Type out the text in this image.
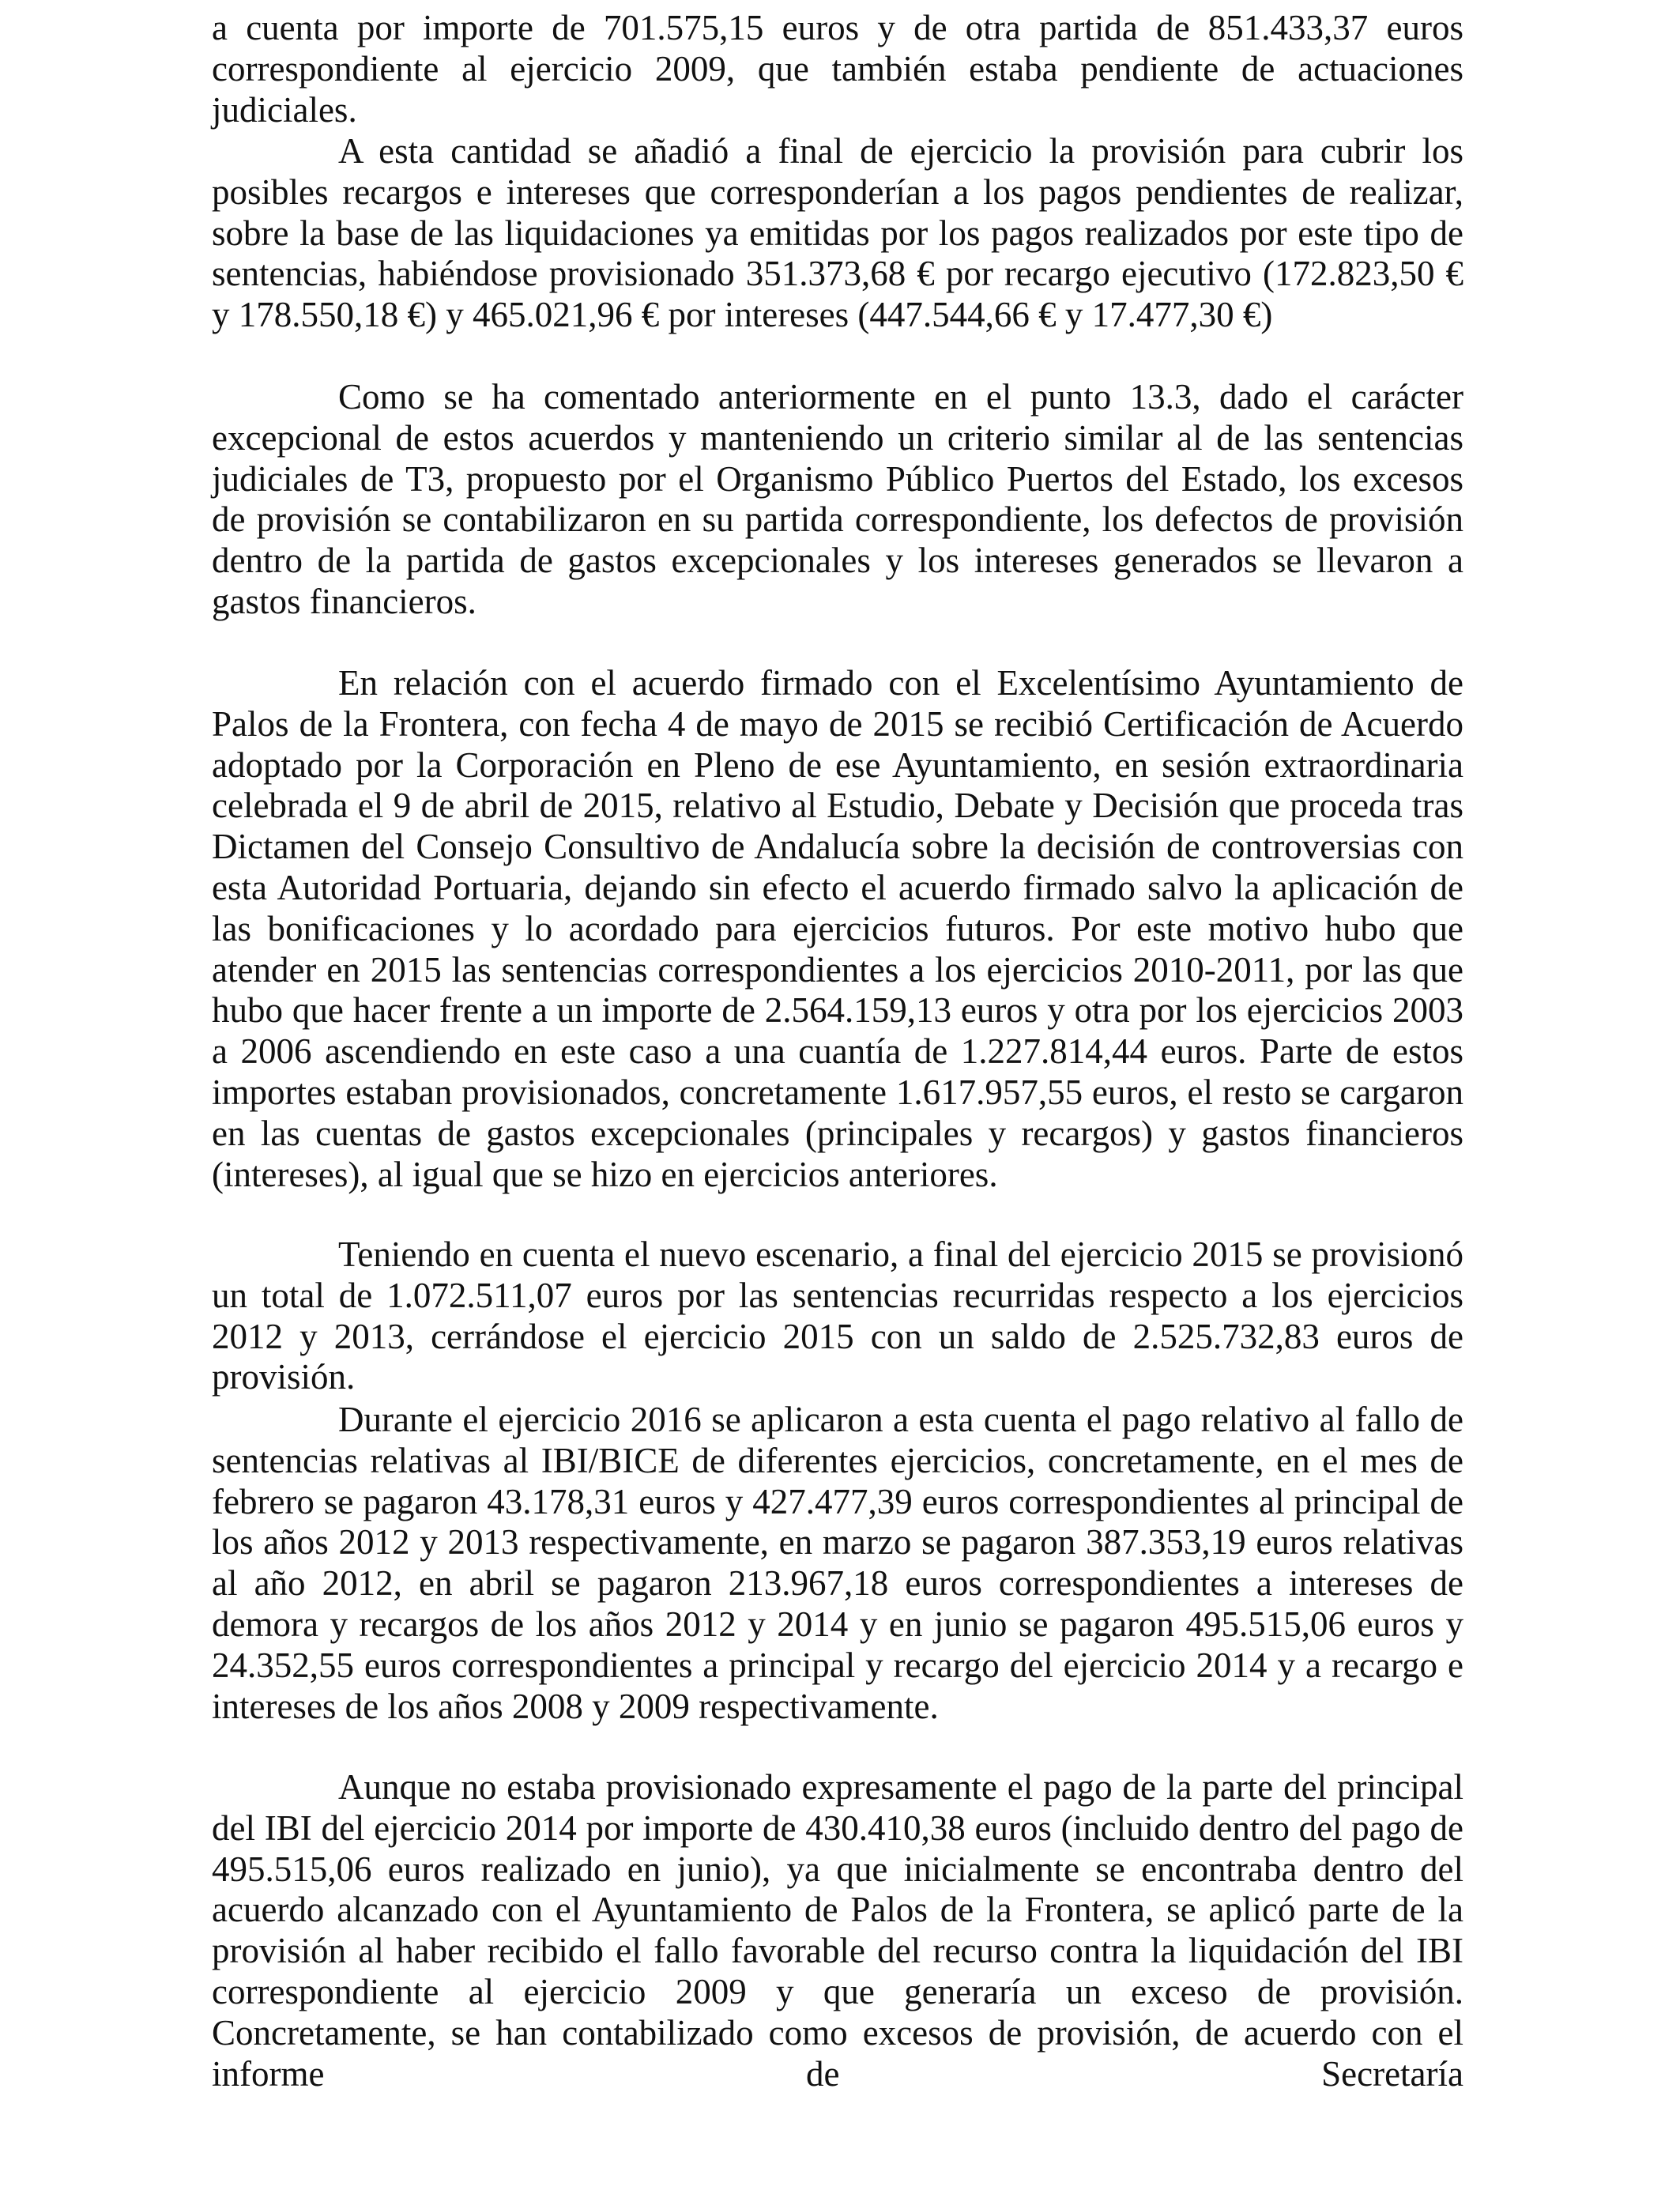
a cuenta por importe de 701.575,15 euros y de otra partida de 851.433,37 euros correspondiente al ejercicio 2009, que también estaba pendiente de actuaciones judiciales.

A esta cantidad se añadió a final de ejercicio la provisión para cubrir los posibles recargos e intereses que corresponderían a los pagos pendientes de realizar, sobre la base de las liquidaciones ya emitidas por los pagos realizados por este tipo de sentencias, habiéndose provisionado 351.373,68 € por recargo ejecutivo (172.823,50 € y 178.550,18 €) y 465.021,96 € por intereses (447.544,66 € y 17.477,30 €)

Como se ha comentado anteriormente en el punto 13.3, dado el carácter excepcional de estos acuerdos y manteniendo un criterio similar al de las sentencias judiciales de T3, propuesto por el Organismo Público Puertos del Estado, los excesos de provisión se contabilizaron en su partida correspondiente, los defectos de provisión dentro de la partida de gastos excepcionales y los intereses generados se llevaron a gastos financieros.

En relación con el acuerdo firmado con el Excelentísimo Ayuntamiento de Palos de la Frontera, con fecha 4 de mayo de 2015 se recibió Certificación de Acuerdo adoptado por la Corporación en Pleno de ese Ayuntamiento, en sesión extraordinaria celebrada el 9 de abril de 2015, relativo al Estudio, Debate y Decisión que proceda tras Dictamen del Consejo Consultivo de Andalucía sobre la decisión de controversias con esta Autoridad Portuaria, dejando sin efecto el acuerdo firmado salvo la aplicación de las bonificaciones y lo acordado para ejercicios futuros. Por este motivo hubo que atender en 2015 las sentencias correspondientes a los ejercicios 2010-2011, por las que hubo que hacer frente a un importe de 2.564.159,13 euros y otra por los ejercicios 2003 a 2006 ascendiendo en este caso a una cuantía de 1.227.814,44 euros. Parte de estos importes estaban provisionados, concretamente 1.617.957,55 euros, el resto se cargaron en las cuentas de gastos excepcionales (principales y recargos) y gastos financieros (intereses), al igual que se hizo en ejercicios anteriores.

Teniendo en cuenta el nuevo escenario, a final del ejercicio 2015 se provisionó un total de 1.072.511,07 euros por las sentencias recurridas respecto a los ejercicios 2012 y 2013, cerrándose el ejercicio 2015 con un saldo de 2.525.732,83 euros de provisión.

Durante el ejercicio 2016 se aplicaron a esta cuenta el pago relativo al fallo de sentencias relativas al IBI/BICE de diferentes ejercicios, concretamente, en el mes de febrero se pagaron 43.178,31 euros y 427.477,39 euros correspondientes al principal de los años 2012 y 2013 respectivamente, en marzo se pagaron 387.353,19 euros relativas al año 2012, en abril se pagaron 213.967,18 euros correspondientes a intereses de demora y recargos de los años 2012 y 2014 y en junio se pagaron 495.515,06 euros y 24.352,55 euros correspondientes a principal y recargo del ejercicio 2014 y a recargo e intereses de los años 2008 y 2009 respectivamente.

Aunque no estaba provisionado expresamente el pago de la parte del principal del IBI del ejercicio 2014 por importe de 430.410,38 euros (incluido dentro del pago de 495.515,06 euros realizado en junio), ya que inicialmente se encontraba dentro del acuerdo alcanzado con el Ayuntamiento de Palos de la Frontera, se aplicó parte de la provisión al haber recibido el fallo favorable del recurso contra la liquidación del IBI correspondiente al ejercicio 2009 y que generaría un exceso de provisión. Concretamente, se han contabilizado como excesos de provisión, de acuerdo con el informe de Secretaría
